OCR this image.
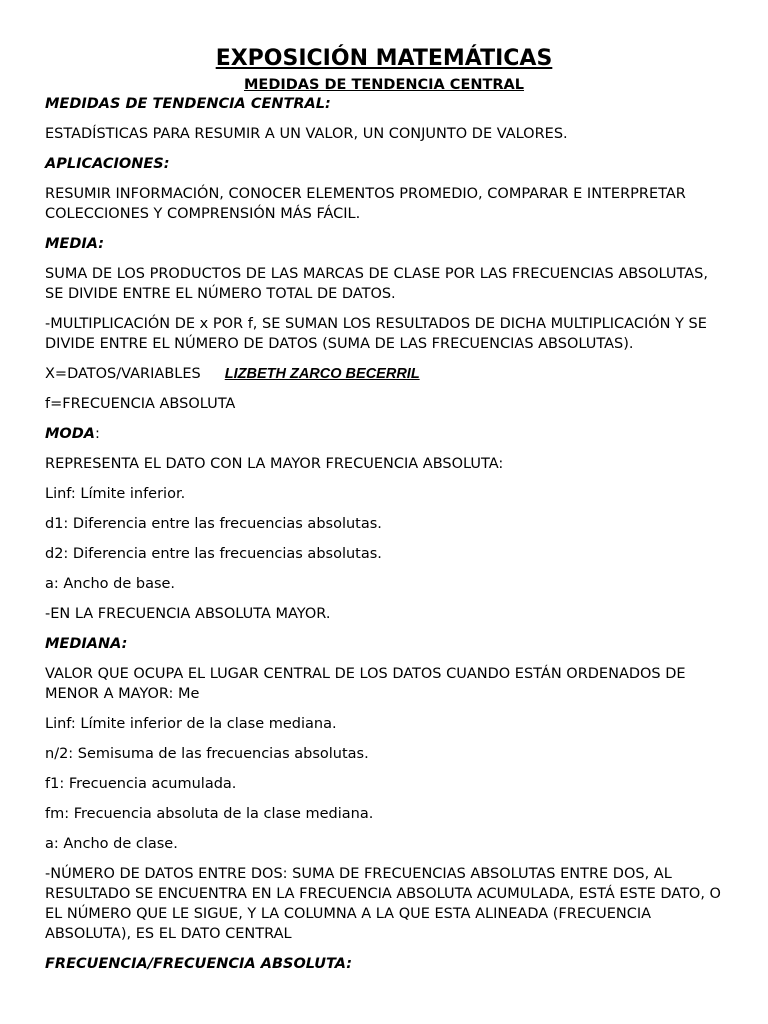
EXPOSICIÓN MATEMÁTICAS
MEDIDAS DE TENDENCIA CENTRAL

MEDIDAS DE TENDENCIA CENTRAL:

ESTADÍSTICAS PARA RESUMIR A UN VALOR, UN CONJUNTO DE VALORES.

APLICACIONES:

RESUMIR INFORMACIÓN, CONOCER ELEMENTOS PROMEDIO, COMPARAR E INTERPRETAR COLECCIONES Y COMPRENSIÓN MÁS FÁCIL.

MEDIA:

SUMA DE LOS PRODUCTOS DE LAS MARCAS DE CLASE POR LAS FRECUENCIAS ABSOLUTAS, SE DIVIDE ENTRE EL NÚMERO TOTAL DE DATOS.

-MULTIPLICACIÓN DE x POR f, SE SUMAN LOS RESULTADOS DE DICHA MULTIPLICACIÓN Y SE DIVIDE ENTRE EL NÚMERO DE DATOS (SUMA DE LAS FRECUENCIAS ABSOLUTAS).

X=DATOS/VARIABLES LIZBETH ZARCO BECERRIL

f=FRECUENCIA ABSOLUTA

MODA:

REPRESENTA EL DATO CON LA MAYOR FRECUENCIA ABSOLUTA:

Linf: Límite inferior.

d1: Diferencia entre las frecuencias absolutas.

d2: Diferencia entre las frecuencias absolutas.

a: Ancho de base.

-EN LA FRECUENCIA ABSOLUTA MAYOR.

MEDIANA:

VALOR QUE OCUPA EL LUGAR CENTRAL DE LOS DATOS CUANDO ESTÁN ORDENADOS DE MENOR A MAYOR: Me

Linf: Límite inferior de la clase mediana.

n/2: Semisuma de las frecuencias absolutas.

f1: Frecuencia acumulada.

fm: Frecuencia absoluta de la clase mediana.

a: Ancho de clase.

-NÚMERO DE DATOS ENTRE DOS: SUMA DE FRECUENCIAS ABSOLUTAS ENTRE DOS, AL RESULTADO SE ENCUENTRA EN LA FRECUENCIA ABSOLUTA ACUMULADA, ESTÁ ESTE DATO, O EL NÚMERO QUE LE SIGUE, Y LA COLUMNA A LA QUE ESTA ALINEADA (FRECUENCIA ABSOLUTA), ES EL DATO CENTRAL

FRECUENCIA/FRECUENCIA ABSOLUTA:
